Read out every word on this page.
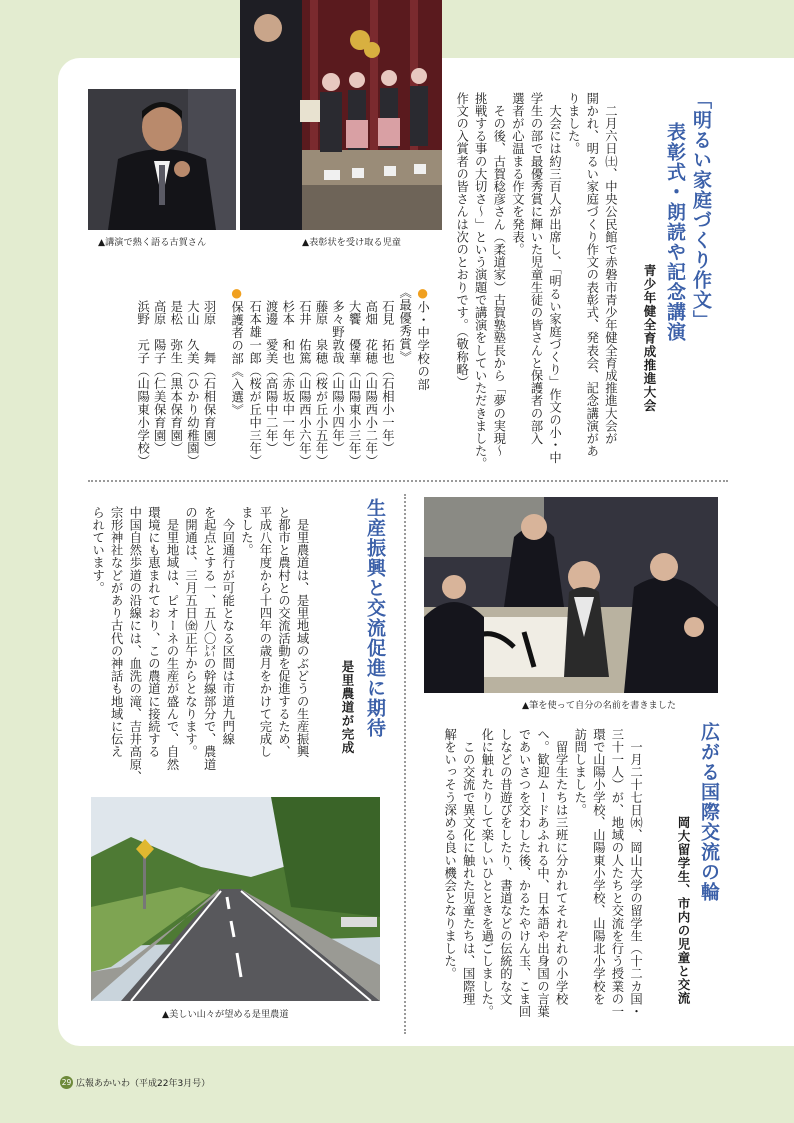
「明るい家庭づくり作文」
表彰式・朗読や記念講演
青少年健全育成推進大会
　二月六日㈯、中央公民館で赤磐市青少年健全育成推進大会が
開かれ、明るい家庭づくり作文の表彰式、発表会、記念講演があ
りました。
　大会には約三百人が出席し、「明るい家庭づくり」作文の小・中
学生の部で最優秀賞に輝いた児童生徒の皆さんと保護者の部入
選者が心温まる作文を発表。
　その後、古賀稔彦さん（柔道家）古賀塾塾長から「夢の実現〜
挑戦する事の大切さ〜」という演題で講演をしていただきました。
作文の入賞者の皆さんは次のとおりです。（敬称略）
●小・中学校の部
《最優秀賞》
石見　拓也（石相小一年）
高畑　花穂（山陽西小二年）
大饗　優華（山陽東小三年）
多々野敦哉（山陽小四年）
藤原　泉穂（桜が丘小五年）
石井　佑篤（山陽西小六年）
杉本　和也（赤坂中一年）
渡邊　愛美（高陽中二年）
石本雄一郎（桜が丘中三年）
●保護者の部《入選》
羽原　　舞（石相保育園）
大山　久美（ひかり幼稚園）
是松　弥生（黒本保育園）
高原　陽子（仁美保育園）
浜野　元子（山陽東小学校）
▲表彰状を受け取る児童
▲講演で熱く語る古賀さん
▲筆を使って自分の名前を書きました
広がる国際交流の輪
岡大留学生、市内の児童と交流
　一月二十七日㈬、岡山大学の留学生（十二カ国・
三十一人）が、地域の人たちと交流を行う授業の一
環で山陽小学校、山陽東小学校、山陽北小学校を
訪問しました。
　留学生たちは三班に分かれてそれぞれの小学校
へ。歓迎ムードあふれる中、日本語や出身国の言葉
であいさつを交わした後、かるたやけん玉、こま回
しなどの昔遊びをしたり、書道などの伝統的な文
化に触れたりして楽しいひとときを過ごしました。
　この交流で異文化に触れた児童たちは、国際理
解をいっそう深める良い機会となりました。
生産振興と交流促進に期待
是里農道が完成
　是里農道は、是里地域のぶどうの生産振興
と都市と農村との交流活動を促進するため、
平成八年度から十四年の歳月をかけて完成し
ました。
　今回通行が可能となる区間は市道九門線
を起点とする一、五八〇㍍の幹線部分で、農道
の開通は、三月五日㈮正午からとなります。
　是里地域は、ピオーネの生産が盛んで、自然
環境にも恵まれており、この農道に接続する
中国自然歩道の沿線には、血洗の滝、吉井高原、
宗形神社などがあり古代の神話も地域に伝え
られています。
▲美しい山々が望める是里農道
29 広報あかいわ（平成22年3月号）
